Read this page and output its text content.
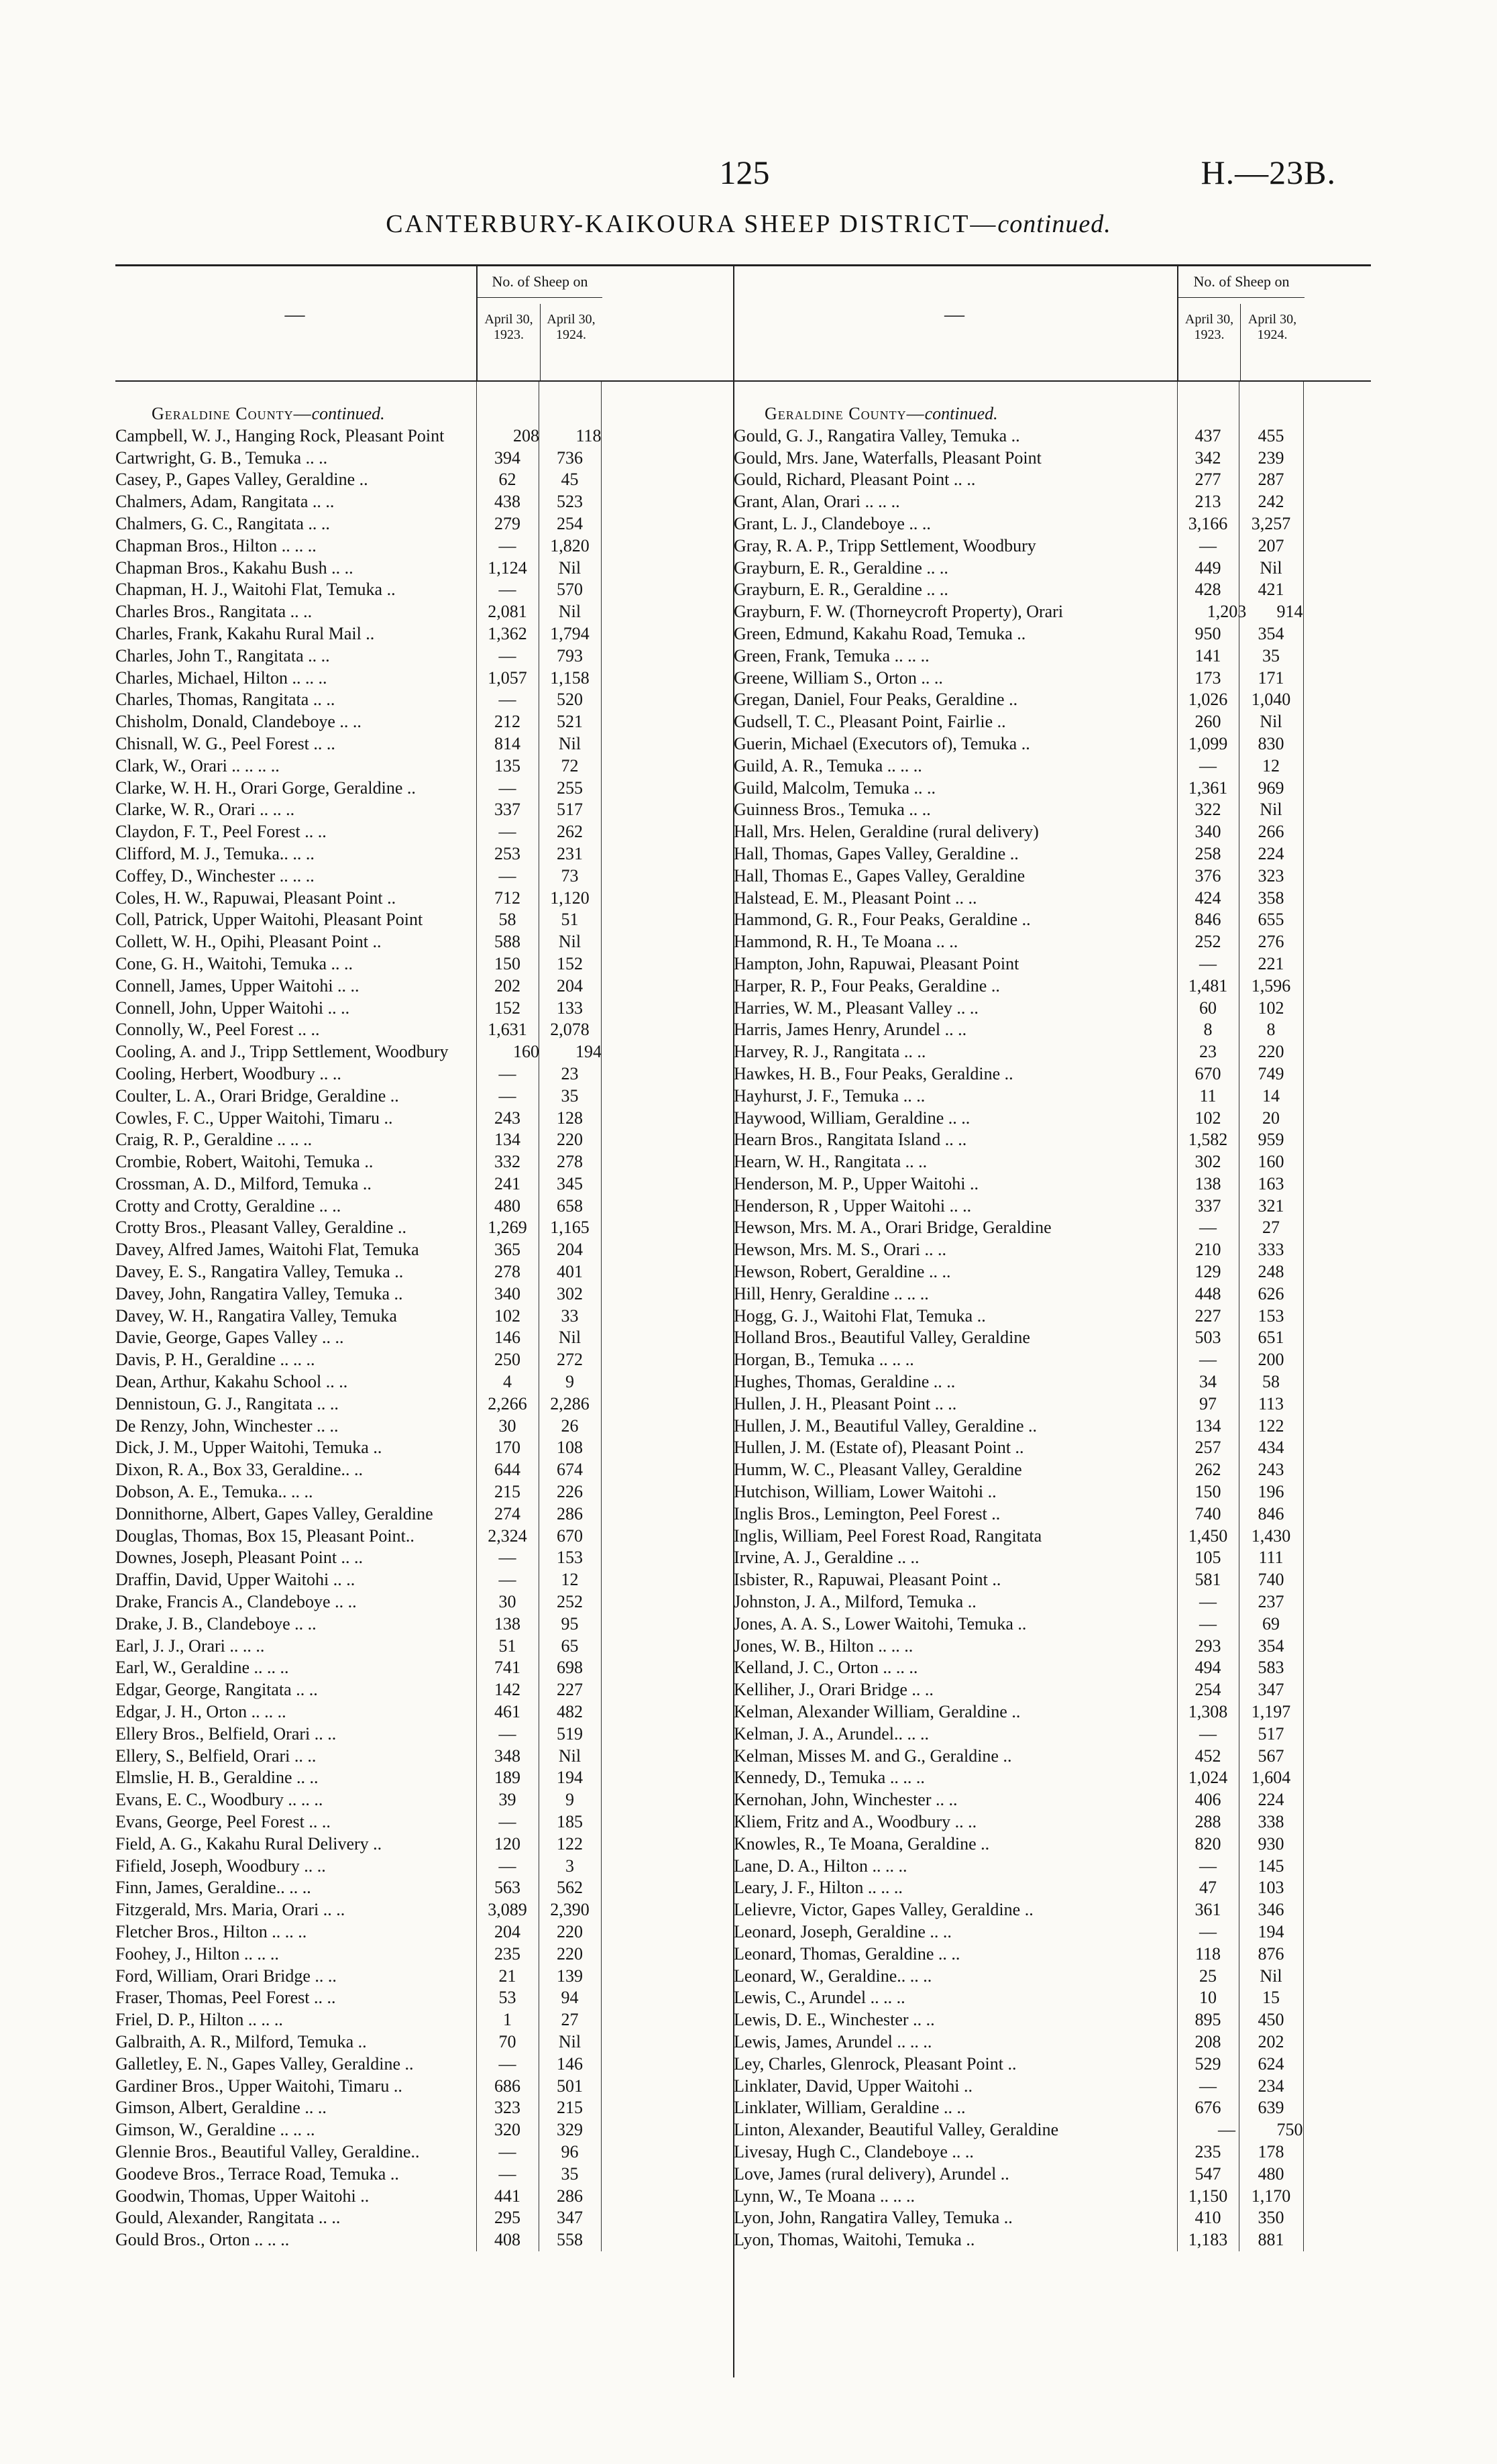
125	H.—23B.
CANTERBURY-KAIKOURA SHEEP DISTRICT—continued.
—
No. of Sheep on
April 30, 1923.
April 30, 1924.
Geraldine County—continued.
Campbell, W. J., Hanging Rock, Pleasant Point	208	118
Cartwright, G. B., Temuka .. ..	394	736
Casey, P., Gapes Valley, Geraldine ..	62	45
Chalmers, Adam, Rangitata .. ..	438	523
Chalmers, G. C., Rangitata .. ..	279	254
Chapman Bros., Hilton .. .. ..	—	1,820
Chapman Bros., Kakahu Bush .. ..	1,124	Nil
Chapman, H. J., Waitohi Flat, Temuka ..	—	570
Charles Bros., Rangitata .. ..	2,081	Nil
Charles, Frank, Kakahu Rural Mail ..	1,362	1,794
Charles, John T., Rangitata .. ..	—	793
Charles, Michael, Hilton .. .. ..	1,057	1,158
Charles, Thomas, Rangitata .. ..	—	520
Chisholm, Donald, Clandeboye .. ..	212	521
Chisnall, W. G., Peel Forest .. ..	814	Nil
Clark, W., Orari .. .. .. ..	135	72
Clarke, W. H. H., Orari Gorge, Geraldine ..	—	255
Clarke, W. R., Orari .. .. ..	337	517
Claydon, F. T., Peel Forest .. ..	—	262
Clifford, M. J., Temuka.. .. ..	253	231
Coffey, D., Winchester .. .. ..	—	73
Coles, H. W., Rapuwai, Pleasant Point ..	712	1,120
Coll, Patrick, Upper Waitohi, Pleasant Point	58	51
Collett, W. H., Opihi, Pleasant Point ..	588	Nil
Cone, G. H., Waitohi, Temuka .. ..	150	152
Connell, James, Upper Waitohi .. ..	202	204
Connell, John, Upper Waitohi .. ..	152	133
Connolly, W., Peel Forest .. ..	1,631	2,078
Cooling, A. and J., Tripp Settlement, Woodbury	160	194
Cooling, Herbert, Woodbury .. ..	—	23
Coulter, L. A., Orari Bridge, Geraldine ..	—	35
Cowles, F. C., Upper Waitohi, Timaru ..	243	128
Craig, R. P., Geraldine .. .. ..	134	220
Crombie, Robert, Waitohi, Temuka ..	332	278
Crossman, A. D., Milford, Temuka ..	241	345
Crotty and Crotty, Geraldine .. ..	480	658
Crotty Bros., Pleasant Valley, Geraldine ..	1,269	1,165
Davey, Alfred James, Waitohi Flat, Temuka	365	204
Davey, E. S., Rangatira Valley, Temuka ..	278	401
Davey, John, Rangatira Valley, Temuka ..	340	302
Davey, W. H., Rangatira Valley, Temuka	102	33
Davie, George, Gapes Valley .. ..	146	Nil
Davis, P. H., Geraldine .. .. ..	250	272
Dean, Arthur, Kakahu School .. ..	4	9
Dennistoun, G. J., Rangitata .. ..	2,266	2,286
De Renzy, John, Winchester .. ..	30	26
Dick, J. M., Upper Waitohi, Temuka ..	170	108
Dixon, R. A., Box 33, Geraldine.. ..	644	674
Dobson, A. E., Temuka.. .. ..	215	226
Donnithorne, Albert, Gapes Valley, Geraldine	274	286
Douglas, Thomas, Box 15, Pleasant Point..	2,324	670
Downes, Joseph, Pleasant Point .. ..	—	153
Draffin, David, Upper Waitohi .. ..	—	12
Drake, Francis A., Clandeboye .. ..	30	252
Drake, J. B., Clandeboye .. ..	138	95
Earl, J. J., Orari .. .. ..	51	65
Earl, W., Geraldine .. .. ..	741	698
Edgar, George, Rangitata .. ..	142	227
Edgar, J. H., Orton .. .. ..	461	482
Ellery Bros., Belfield, Orari .. ..	—	519
Ellery, S., Belfield, Orari .. ..	348	Nil
Elmslie, H. B., Geraldine .. ..	189	194
Evans, E. C., Woodbury .. .. ..	39	9
Evans, George, Peel Forest .. ..	—	185
Field, A. G., Kakahu Rural Delivery ..	120	122
Fifield, Joseph, Woodbury .. ..	—	3
Finn, James, Geraldine.. .. ..	563	562
Fitzgerald, Mrs. Maria, Orari .. ..	3,089	2,390
Fletcher Bros., Hilton .. .. ..	204	220
Foohey, J., Hilton .. .. ..	235	220
Ford, William, Orari Bridge .. ..	21	139
Fraser, Thomas, Peel Forest .. ..	53	94
Friel, D. P., Hilton .. .. ..	1	27
Galbraith, A. R., Milford, Temuka ..	70	Nil
Galletley, E. N., Gapes Valley, Geraldine ..	—	146
Gardiner Bros., Upper Waitohi, Timaru ..	686	501
Gimson, Albert, Geraldine .. ..	323	215
Gimson, W., Geraldine .. .. ..	320	329
Glennie Bros., Beautiful Valley, Geraldine..	—	96
Goodeve Bros., Terrace Road, Temuka ..	—	35
Goodwin, Thomas, Upper Waitohi ..	441	286
Gould, Alexander, Rangitata .. ..	295	347
Gould Bros., Orton .. .. ..	408	558
—
No. of Sheep on
April 30, 1923.
April 30, 1924.
Geraldine County—continued.
Gould, G. J., Rangatira Valley, Temuka ..	437	455
Gould, Mrs. Jane, Waterfalls, Pleasant Point	342	239
Gould, Richard, Pleasant Point .. ..	277	287
Grant, Alan, Orari .. .. ..	213	242
Grant, L. J., Clandeboye .. ..	3,166	3,257
Gray, R. A. P., Tripp Settlement, Woodbury	—	207
Grayburn, E. R., Geraldine .. ..	449	Nil
Grayburn, E. R., Geraldine .. ..	428	421
Grayburn, F. W. (Thorneycroft Property), Orari	1,203	914
Green, Edmund, Kakahu Road, Temuka ..	950	354
Green, Frank, Temuka .. .. ..	141	35
Greene, William S., Orton .. ..	173	171
Gregan, Daniel, Four Peaks, Geraldine ..	1,026	1,040
Gudsell, T. C., Pleasant Point, Fairlie ..	260	Nil
Guerin, Michael (Executors of), Temuka ..	1,099	830
Guild, A. R., Temuka .. .. ..	—	12
Guild, Malcolm, Temuka .. ..	1,361	969
Guinness Bros., Temuka .. ..	322	Nil
Hall, Mrs. Helen, Geraldine (rural delivery)	340	266
Hall, Thomas, Gapes Valley, Geraldine ..	258	224
Hall, Thomas E., Gapes Valley, Geraldine	376	323
Halstead, E. M., Pleasant Point .. ..	424	358
Hammond, G. R., Four Peaks, Geraldine ..	846	655
Hammond, R. H., Te Moana .. ..	252	276
Hampton, John, Rapuwai, Pleasant Point	—	221
Harper, R. P., Four Peaks, Geraldine ..	1,481	1,596
Harries, W. M., Pleasant Valley .. ..	60	102
Harris, James Henry, Arundel .. ..	8	8
Harvey, R. J., Rangitata .. ..	23	220
Hawkes, H. B., Four Peaks, Geraldine ..	670	749
Hayhurst, J. F., Temuka .. ..	11	14
Haywood, William, Geraldine .. ..	102	20
Hearn Bros., Rangitata Island .. ..	1,582	959
Hearn, W. H., Rangitata .. ..	302	160
Henderson, M. P., Upper Waitohi ..	138	163
Henderson, R , Upper Waitohi .. ..	337	321
Hewson, Mrs. M. A., Orari Bridge, Geraldine	—	27
Hewson, Mrs. M. S., Orari .. ..	210	333
Hewson, Robert, Geraldine .. ..	129	248
Hill, Henry, Geraldine .. .. ..	448	626
Hogg, G. J., Waitohi Flat, Temuka ..	227	153
Holland Bros., Beautiful Valley, Geraldine	503	651
Horgan, B., Temuka .. .. ..	—	200
Hughes, Thomas, Geraldine .. ..	34	58
Hullen, J. H., Pleasant Point .. ..	97	113
Hullen, J. M., Beautiful Valley, Geraldine ..	134	122
Hullen, J. M. (Estate of), Pleasant Point ..	257	434
Humm, W. C., Pleasant Valley, Geraldine	262	243
Hutchison, William, Lower Waitohi ..	150	196
Inglis Bros., Lemington, Peel Forest ..	740	846
Inglis, William, Peel Forest Road, Rangitata	1,450	1,430
Irvine, A. J., Geraldine .. ..	105	111
Isbister, R., Rapuwai, Pleasant Point ..	581	740
Johnston, J. A., Milford, Temuka ..	—	237
Jones, A. A. S., Lower Waitohi, Temuka ..	—	69
Jones, W. B., Hilton .. .. ..	293	354
Kelland, J. C., Orton .. .. ..	494	583
Kelliher, J., Orari Bridge .. ..	254	347
Kelman, Alexander William, Geraldine ..	1,308	1,197
Kelman, J. A., Arundel.. .. ..	—	517
Kelman, Misses M. and G., Geraldine ..	452	567
Kennedy, D., Temuka .. .. ..	1,024	1,604
Kernohan, John, Winchester .. ..	406	224
Kliem, Fritz and A., Woodbury .. ..	288	338
Knowles, R., Te Moana, Geraldine ..	820	930
Lane, D. A., Hilton .. .. ..	—	145
Leary, J. F., Hilton .. .. ..	47	103
Lelievre, Victor, Gapes Valley, Geraldine ..	361	346
Leonard, Joseph, Geraldine .. ..	—	194
Leonard, Thomas, Geraldine .. ..	118	876
Leonard, W., Geraldine.. .. ..	25	Nil
Lewis, C., Arundel .. .. ..	10	15
Lewis, D. E., Winchester .. ..	895	450
Lewis, James, Arundel .. .. ..	208	202
Ley, Charles, Glenrock, Pleasant Point ..	529	624
Linklater, David, Upper Waitohi ..	—	234
Linklater, William, Geraldine .. ..	676	639
Linton, Alexander, Beautiful Valley, Geraldine	—	750
Livesay, Hugh C., Clandeboye .. ..	235	178
Love, James (rural delivery), Arundel ..	547	480
Lynn, W., Te Moana .. .. ..	1,150	1,170
Lyon, John, Rangatira Valley, Temuka ..	410	350
Lyon, Thomas, Waitohi, Temuka ..	1,183	881
